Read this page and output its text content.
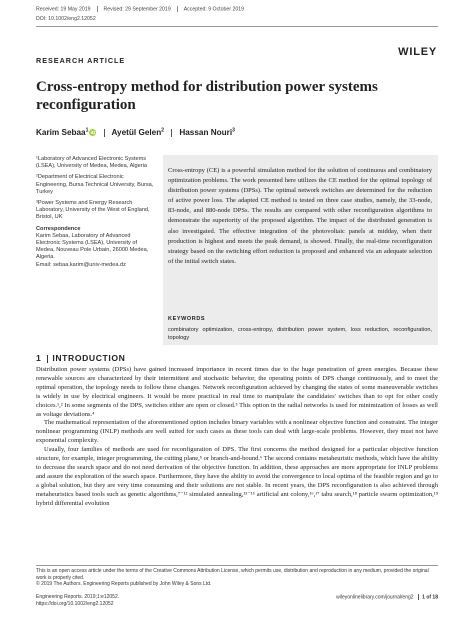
Received: 19 May 2019	Revised: 29 September 2019	Accepted: 9 October 2019
DOI: 10.1002/eng2.12052
RESEARCH ARTICLE
WILEY
Cross-entropy method for distribution power systems reconfiguration
Karim Sebaa$^1$ iD Ayetül Gelen$^2$ Hassan Nouri$^3$

¹Laboratory of Advanced Electronic Systems (LSEA), University of Medea, Medea, Algeria

²Department of Electrical Electronic Engineering, Bursa Technical University, Bursa, Turkey

³Power Systems and Energy Research Laboratory, University of the West of England, Bristol, UK

Correspondence

Karim Sebaa, Laboratory of Advanced Electronic Systems (LSEA), University of Medea, Nouveau Pole Urbain, 26000 Medea, Algeria.

Email: sebaa.karim@univ-medea.dz

Cross-entropy (CE) is a powerful simulation method for the solution of continuous and combinatory optimization problems. The work presented here utilizes the CE method for the optimal topology of distribution power systems (DPSs). The optimal network switches are determined for the reduction of active power loss. The adapted CE method is tested on three case studies, namely, the 33-node, 83-node, and 880-node DPSs. The results are compared with other reconfiguration algorithms to demonstrate the superiority of the proposed algorithm. The impact of the distributed generation is also investigated. The effective integration of the photovoltaic panels at midday, when their production is highest and meets the peak demand, is showed. Finally, the real-time reconfiguration strategy based on the switching effort reduction is proposed and enhanced via an adequate selection of the initial switch states.
KEYWORDS
combinatory optimization, cross-entropy, distribution power system, loss reduction, reconfiguration, topology
1 INTRODUCTION

Distribution power systems (DPSs) have gained increased importance in recent times due to the huge penetration of green energies. Because these renewable sources are characterized by their intermittent and stochastic behavior, the operating points of DPS change continuously, and to meet the optimal operation, the topology needs to follow these changes. Network reconfiguration achieved by changing the states of some maneuverable switches is widely in use by electrical engineers. It would be more practical in real time to manipulate the candidates' switches than to opt for other costly choices.¹,² In some segments of the DPS, switches either are open or closed.³ This option in the radial networks is used for minimization of losses as well as voltage deviations.⁴

The mathematical representation of the aforementioned option includes binary variables with a nonlinear objective function and constraint. The integer nonlinear programming (INLP) methods are well suited for such cases as these tools can deal with large-scale problems. However, they must not have exponential complexity.

Usually, four families of methods are used for reconfiguration of DPS. The first concerns the method designed for a particular objective function structure, for example, integer programming, the cutting plane,⁵ or branch-and-bound.⁶ The second contains metaheuristic methods, which have the ability to decrease the search space and do not need derivation of the objective function. In addition, these approaches are more appropriate for INLP problems and assure the exploration of the search space. Furthermore, they have the ability to avoid the convergence to local optima of the feasible region and go to a global solution, but they are very time consuming and their solutions are not stable. In recent years, the DPS reconfiguration is also achieved through metaheuristics based tools such as genetic algorithms,⁷⁻¹² simulated annealing,¹³⁻¹⁵ artificial ant colony,¹⁶,¹⁷ tabu search,¹⁸ particle swarm optimization,¹⁹ hybrid differential evolution

This is an open access article under the terms of the Creative Commons Attribution License, which permits use, distribution and reproduction in any medium, provided the original work is properly cited.
© 2019 The Authors. Engineering Reports published by John Wiley & Sons Ltd.
Engineering Reports. 2019;1:e12052.
https://doi.org/10.1002/eng2.12052
wileyonlinelibrary.com/journal/eng2 1 of 18
